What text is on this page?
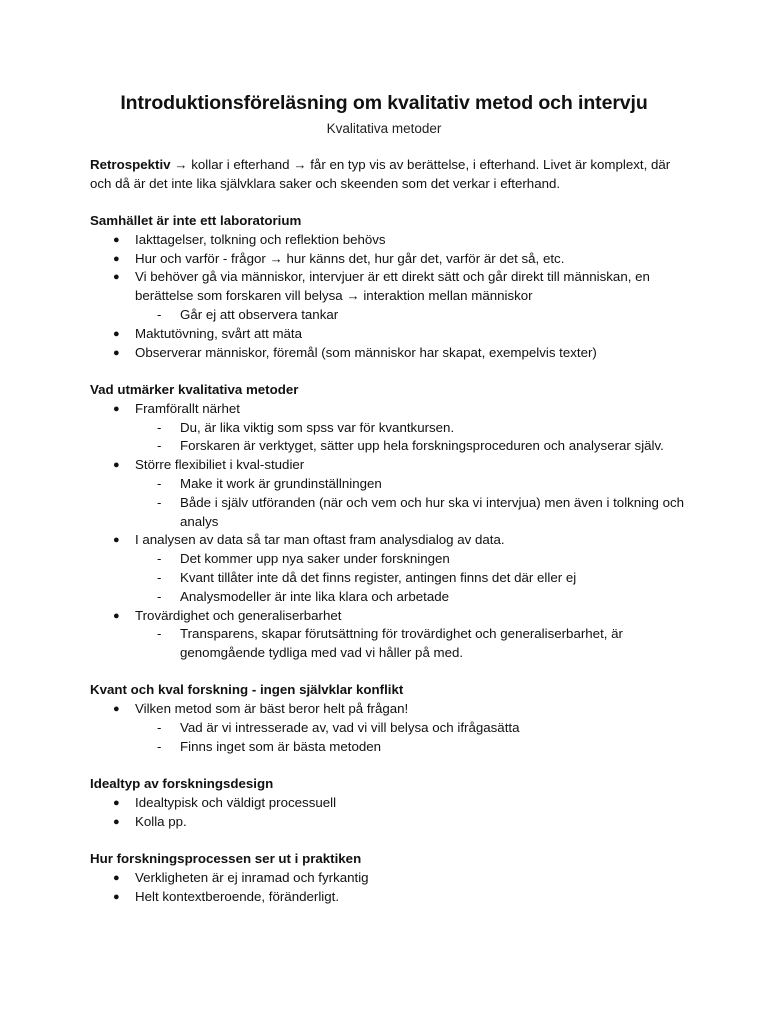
Introduktionsföreläsning om kvalitativ metod och intervju
Kvalitativa metoder

Retrospektiv → kollar i efterhand → får en typ vis av berättelse, i efterhand. Livet är komplext, där och då är det inte lika självklara saker och skeenden som det verkar i efterhand.

Samhället är inte ett laboratorium

● Iakttagelser, tolkning och reflektion behövs
● Hur och varför - frågor → hur känns det, hur går det, varför är det så, etc.
● Vi behöver gå via människor, intervjuer är ett direkt sätt och går direkt till människan, en berättelse som forskaren vill belysa → interaktion mellan människor
- Går ej att observera tankar
● Maktutövning, svårt att mäta
● Observerar människor, föremål (som människor har skapat, exempelvis texter)

Vad utmärker kvalitativa metoder

● Framförallt närhet
- Du, är lika viktig som spss var för kvantkursen.
- Forskaren är verktyget, sätter upp hela forskningsproceduren och analyserar själv.
● Större flexibiliet i kval-studier
- Make it work är grundinställningen
- Både i själv utföranden (när och vem och hur ska vi intervjua) men även i tolkning och analys
● I analysen av data så tar man oftast fram analysdialog av data.
- Det kommer upp nya saker under forskningen
- Kvant tillåter inte då det finns register, antingen finns det där eller ej
- Analysmodeller är inte lika klara och arbetade
● Trovärdighet och generaliserbarhet
- Transparens, skapar förutsättning för trovärdighet och generaliserbarhet, är genomgående tydliga med vad vi håller på med.

Kvant och kval forskning - ingen självklar konflikt

● Vilken metod som är bäst beror helt på frågan!
- Vad är vi intresserade av, vad vi vill belysa och ifrågasätta
- Finns inget som är bästa metoden

Idealtyp av forskningsdesign

● Idealtypisk och väldigt processuell
● Kolla pp.

Hur forskningsprocessen ser ut i praktiken

● Verkligheten är ej inramad och fyrkantig
● Helt kontextberoende, föränderligt.
